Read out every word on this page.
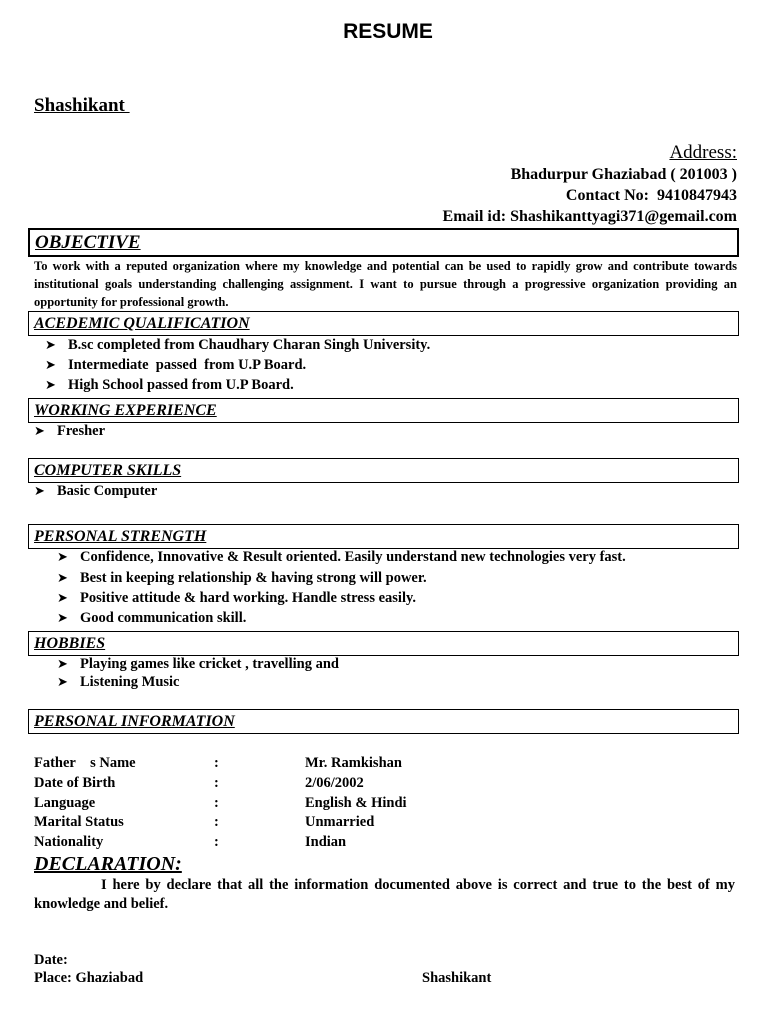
RESUME
Shashikant
Address:
Bhadurpur Ghaziabad ( 201003 )
Contact No:  9410847943
Email id: Shashikanttyagi371@gemail.com
OBJECTIVE
To work with a reputed organization where my knowledge and potential can be used to rapidly grow and contribute towards institutional goals understanding challenging assignment. I want to pursue through a progressive organization providing an opportunity for professional growth.
ACEDEMIC QUALIFICATION
➤ B.sc completed from Chaudhary Charan Singh University.
➤ Intermediate  passed  from U.P Board.
➤ High School passed from U.P Board.
WORKING EXPERIENCE
➤ Fresher
COMPUTER SKILLS
➤ Basic Computer
PERSONAL STRENGTH
➤ Confidence, Innovative & Result oriented. Easily understand new technologies very fast.
➤ Best in keeping relationship & having strong will power.
➤ Positive attitude & hard working. Handle stress easily.
➤ Good communication skill.
HOBBIES
➤ Playing games like cricket , travelling and
➤ Listening Music
PERSONAL INFORMATION
Father    s Name	:	Mr. Ramkishan
Date of Birth	:	2/06/2002
Language	:	English & Hindi
Marital Status	:	Unmarried
Nationality	:	Indian
DECLARATION:
I here by declare that all the information documented above is correct and true to the best of my knowledge and belief.
Date:
Place: Ghaziabad	Shashikant
